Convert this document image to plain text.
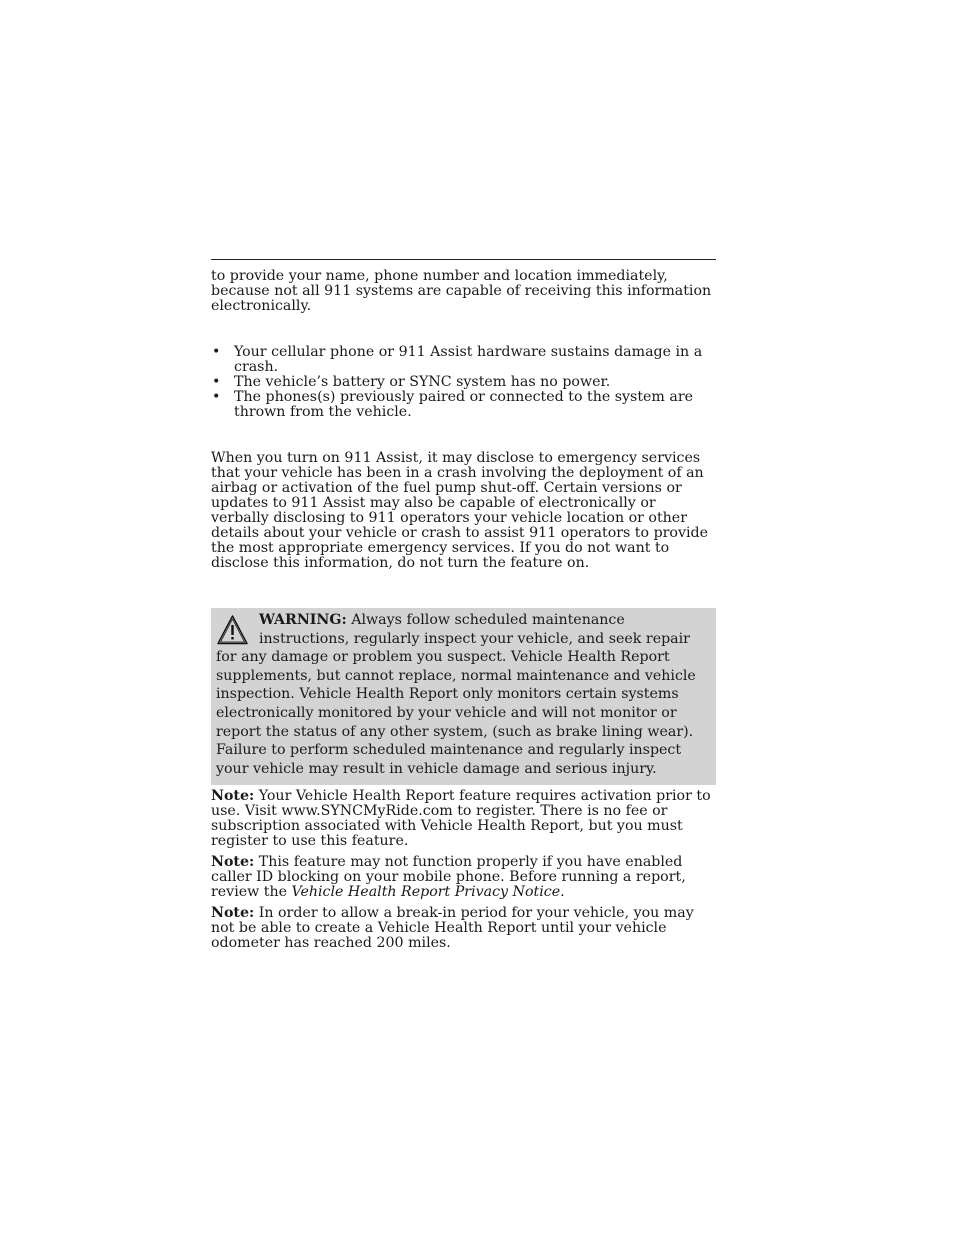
to provide your name, phone number and location immediately, because not all 911 systems are capable of receiving this information electronically.

• Your cellular phone or 911 Assist hardware sustains damage in a crash.
• The vehicle’s battery or SYNC system has no power.
• The phones(s) previously paired or connected to the system are thrown from the vehicle.

When you turn on 911 Assist, it may disclose to emergency services that your vehicle has been in a crash involving the deployment of an airbag or activation of the fuel pump shut-off. Certain versions or updates to 911 Assist may also be capable of electronically or verbally disclosing to 911 operators your vehicle location or other details about your vehicle or crash to assist 911 operators to provide the most appropriate emergency services. If you do not want to disclose this information, do not turn the feature on.

WARNING: Always follow scheduled maintenance instructions, regularly inspect your vehicle, and seek repair for any damage or problem you suspect. Vehicle Health Report supplements, but cannot replace, normal maintenance and vehicle inspection. Vehicle Health Report only monitors certain systems electronically monitored by your vehicle and will not monitor or report the status of any other system, (such as brake lining wear). Failure to perform scheduled maintenance and regularly inspect your vehicle may result in vehicle damage and serious injury.

Note: Your Vehicle Health Report feature requires activation prior to use. Visit www.SYNCMyRide.com to register. There is no fee or subscription associated with Vehicle Health Report, but you must register to use this feature.

Note: This feature may not function properly if you have enabled caller ID blocking on your mobile phone. Before running a report, review the Vehicle Health Report Privacy Notice.

Note: In order to allow a break-in period for your vehicle, you may not be able to create a Vehicle Health Report until your vehicle odometer has reached 200 miles.
